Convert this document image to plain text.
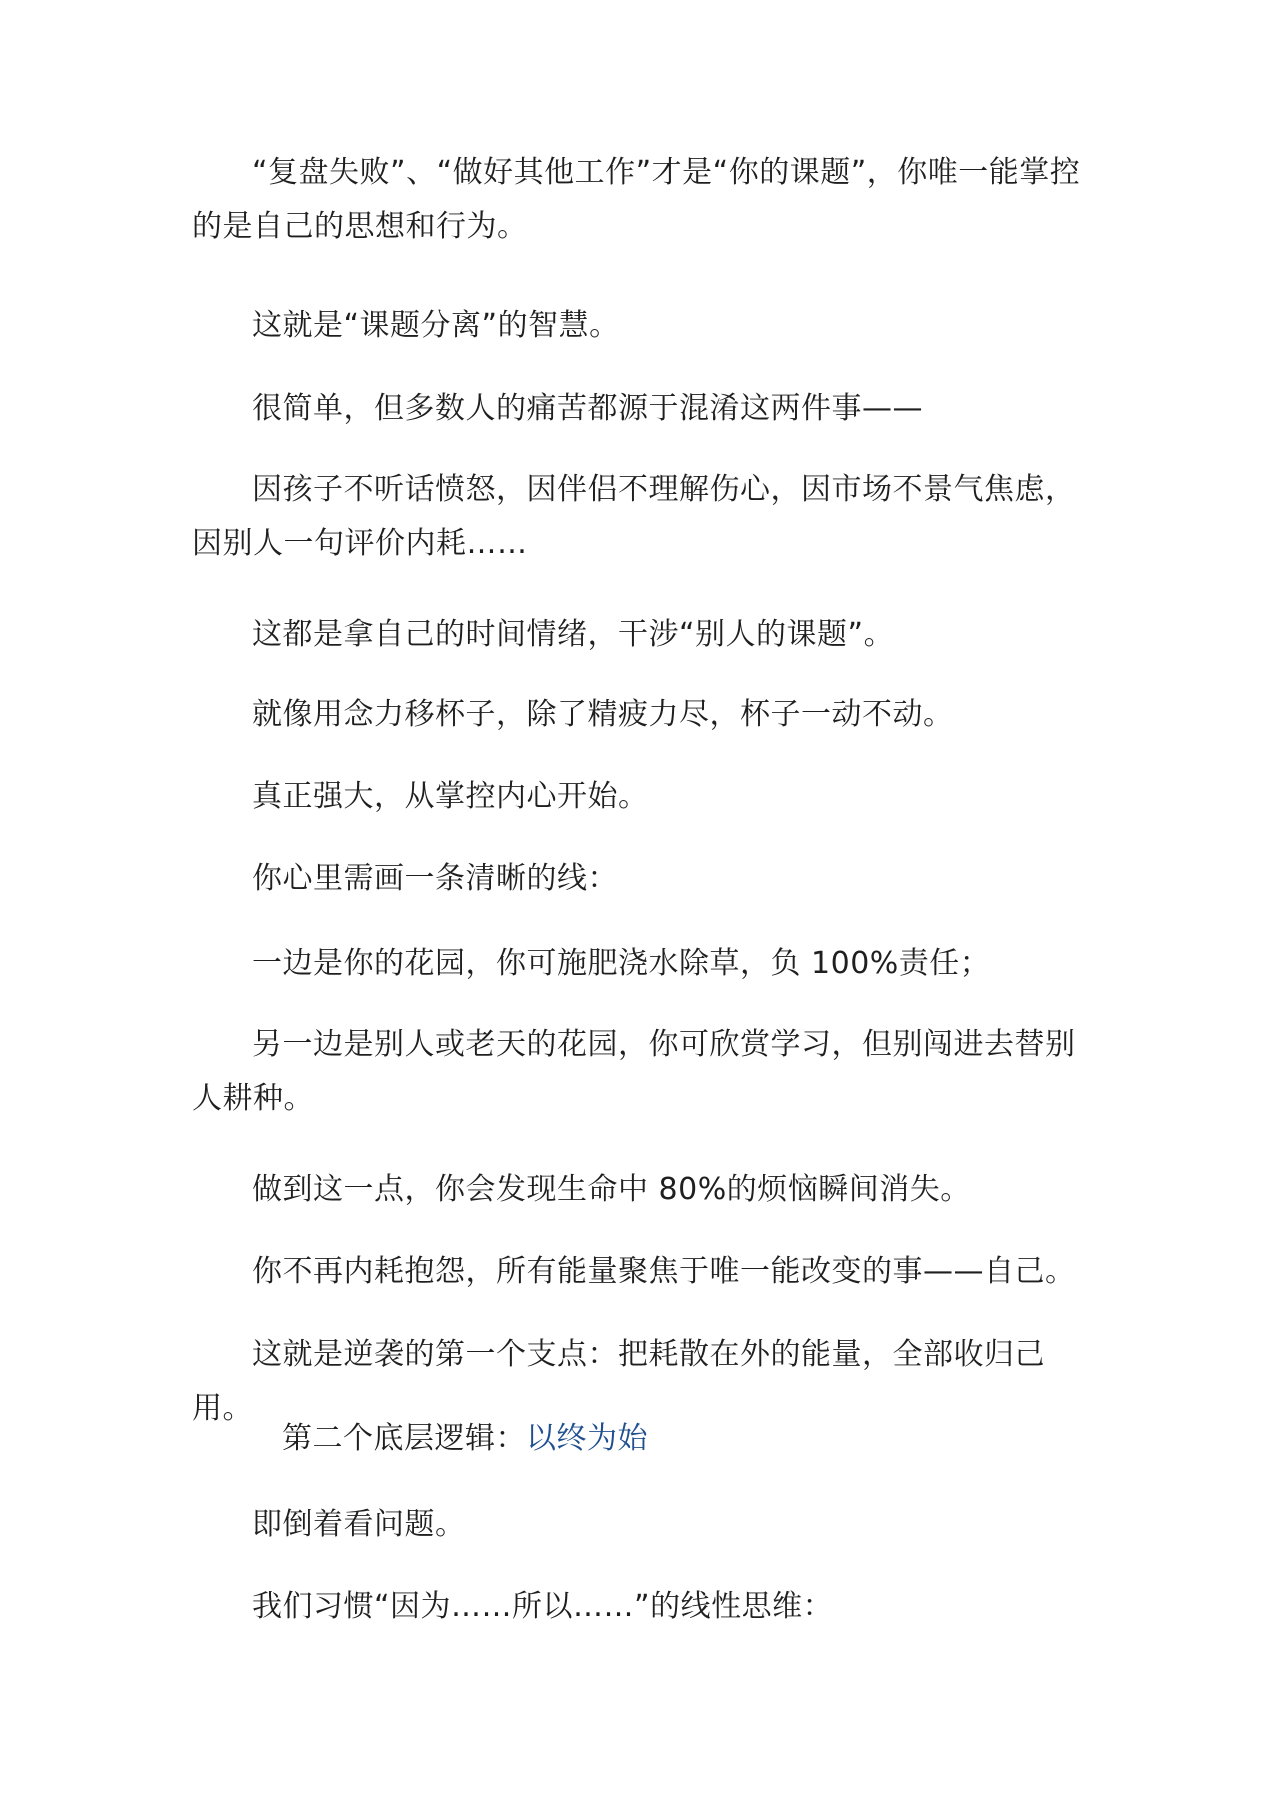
“复盘失败”、“做好其他工作”才是“你的课题”，你唯一能掌控的是自己的思想和行为。

这就是“课题分离”的智慧。

很简单，但多数人的痛苦都源于混淆这两件事——

因孩子不听话愤怒，因伴侣不理解伤心，因市场不景气焦虑，因别人一句评价内耗……

这都是拿自己的时间情绪，干涉“别人的课题”。

就像用念力移杯子，除了精疲力尽，杯子一动不动。

真正强大，从掌控内心开始。

你心里需画一条清晰的线：

一边是你的花园，你可施肥浇水除草，负 100%责任；

另一边是别人或老天的花园，你可欣赏学习，但别闯进去替别人耕种。

做到这一点，你会发现生命中 80%的烦恼瞬间消失。

你不再内耗抱怨，所有能量聚焦于唯一能改变的事——自己。

这就是逆袭的第一个支点：把耗散在外的能量，全部收归己用。

第二个底层逻辑：以终为始

即倒着看问题。

我们习惯“因为……所以……”的线性思维：
